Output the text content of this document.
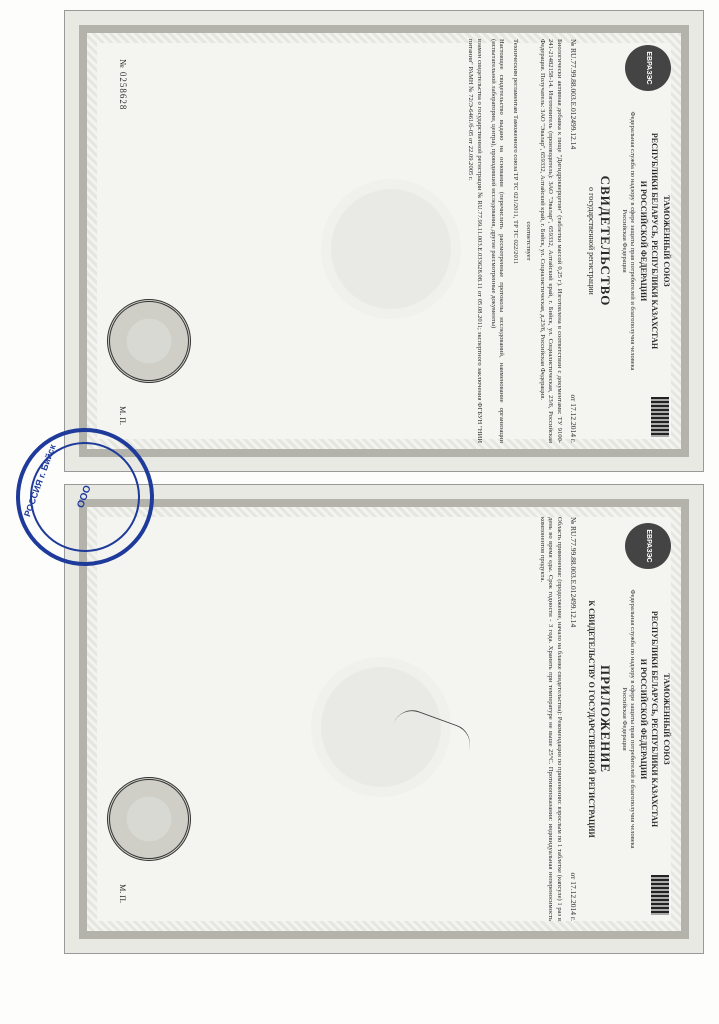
ЕВРАЗЭС
ТАМОЖЕННЫЙ СОЮЗ
РЕСПУБЛИКИ БЕЛАРУСЬ, РЕСПУБЛИКИ КАЗАХСТАН
И РОССИЙСКОЙ ФЕДЕРАЦИИ
Федеральная служба по надзору в сфере защиты прав потребителей и благополучия человека
Российская Федерация
СВИДЕТЕЛЬСТВО
о государственной регистрации
№ RU.77.99.88.003.E.012499.12.14
от 17.12.2014 г.
Биологически активная добавка к пище "Дигидрокверцетин" (таблетки массой 0,25 г). Изготовлена в соответствии с документами: ТУ 9100-241-21482158-14. Изготовитель (производитель): ЗАО "Эвалар", 659332, Алтайский край, г. Бийск, ул. Социалистическая, 23/6, Российская Федерация. Получатель: ЗАО "Эвалар", 659332, Алтайский край, г. Бийск, ул. Социалистическая, д.23/6, Российская Федерация.
соответствует
Техническим регламентам Таможенного союза ТР ТС 021/2011, ТР ТС 022/2011
Настоящее свидетельство выдано на основании (перечислить рассмотренные протоколы исследований, наименование организации (испытательной лаборатории, центра), проводившей исследования, другие рассмотренные документы)
взамен свидетельства о государственной регистрации № RU.77.99.11.003.E.033628.08.11 от 05.08.2011; экспертного заключения ФГБУН "НИИ питания" РАМН № 72/Э-6461/б-05 от 22.09.2005 г.
№ 0258628
М. П.
ЕВРАЗЭС
ТАМОЖЕННЫЙ СОЮЗ
РЕСПУБЛИКИ БЕЛАРУСЬ, РЕСПУБЛИКИ КАЗАХСТАН
И РОССИЙСКОЙ ФЕДЕРАЦИИ
Федеральная служба по надзору в сфере защиты прав потребителей и благополучия человека
Российская Федерация
ПРИЛОЖЕНИЕ
К СВИДЕТЕЛЬСТВУ О ГОСУДАРСТВЕННОЙ РЕГИСТРАЦИИ
№ RU.77.99.88.003.E.012499.12.14
от 17.12.2014 г.
Область применения: (продолжение, начало на бланке свидетельства): Рекомендации по применению: взрослым по 1 таблетке (капсуле) 1 раз в день во время еды. Срок годности - 3 года. Хранить при температуре не выше 25°С. Противопоказания: индивидуальная непереносимость компонентов продукта.
М. П.
РОССИЯ г. Бийск	ООО
